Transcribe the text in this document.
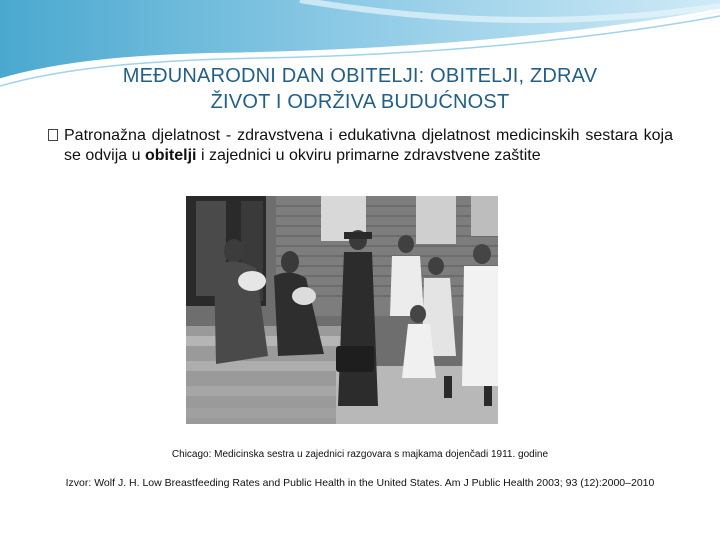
MEĐUNARODNI DAN OBITELJI: OBITELJI, ZDRAV
ŽIVOT I ODRŽIVA BUDUĆNOST
Patronažna djelatnost - zdravstvena i edukativna djelatnost medicinskih sestara koja se odvija u obitelji i zajednici u okviru primarne zdravstvene zaštite
Chicago: Medicinska sestra u zajednici razgovara s majkama dojenčadi 1911. godine
Izvor: Wolf J. H. Low Breastfeeding Rates and Public Health in the United States. Am J Public Health 2003; 93 (12):2000–2010
